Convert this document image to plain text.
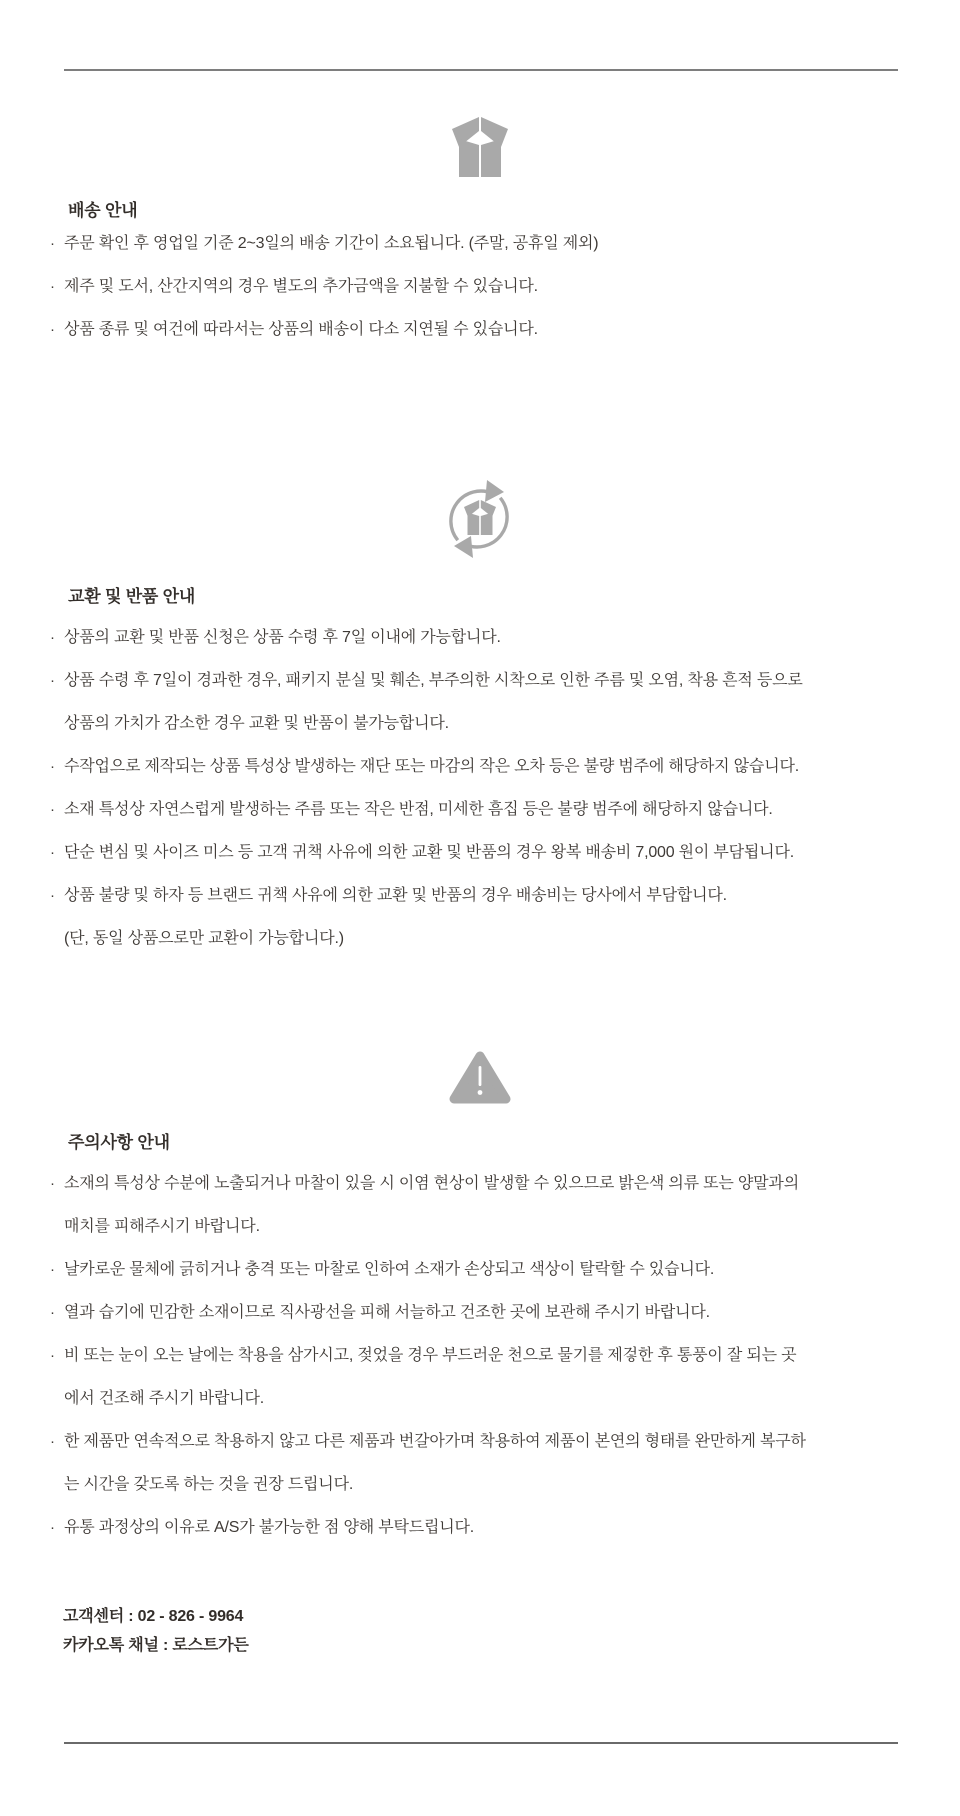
배송 안내
· 주문 확인 후 영업일 기준 2~3일의 배송 기간이 소요됩니다. (주말, 공휴일 제외)
· 제주 및 도서, 산간지역의 경우 별도의 추가금액을 지불할 수 있습니다.
· 상품 종류 및 여건에 따라서는 상품의 배송이 다소 지연될 수 있습니다.
교환 및 반품 안내
· 상품의 교환 및 반품 신청은 상품 수령 후 7일 이내에 가능합니다.
· 상품 수령 후 7일이 경과한 경우, 패키지 분실 및 훼손, 부주의한 시착으로 인한 주름 및 오염, 착용 흔적 등으로
상품의 가치가 감소한 경우 교환 및 반품이 불가능합니다.
· 수작업으로 제작되는 상품 특성상 발생하는 재단 또는 마감의 작은 오차 등은 불량 범주에 해당하지 않습니다.
· 소재 특성상 자연스럽게 발생하는 주름 또는 작은 반점, 미세한 흠집 등은 불량 범주에 해당하지 않습니다.
· 단순 변심 및 사이즈 미스 등 고객 귀책 사유에 의한 교환 및 반품의 경우 왕복 배송비 7,000 원이 부담됩니다.
· 상품 불량 및 하자 등 브랜드 귀책 사유에 의한 교환 및 반품의 경우 배송비는 당사에서 부담합니다.
(단, 동일 상품으로만 교환이 가능합니다.)
주의사항 안내
· 소재의 특성상 수분에 노출되거나 마찰이 있을 시 이염 현상이 발생할 수 있으므로 밝은색 의류 또는 양말과의
매치를 피해주시기 바랍니다.
· 날카로운 물체에 긁히거나 충격 또는 마찰로 인하여 소재가 손상되고 색상이 탈락할 수 있습니다.
· 열과 습기에 민감한 소재이므로 직사광선을 피해 서늘하고 건조한 곳에 보관해 주시기 바랍니다.
· 비 또는 눈이 오는 날에는 착용을 삼가시고, 젖었을 경우 부드러운 천으로 물기를 제겋한 후 통풍이 잘 되는 곳
에서 건조해 주시기 바랍니다.
· 한 제품만 연속적으로 착용하지 않고 다른 제품과 번갈아가며 착용하여 제품이 본연의 형태를 완만하게 복구하
는 시간을 갖도록 하는 것을 권장 드립니다.
· 유통 과정상의 이유로 A/S가 불가능한 점 양해 부탁드립니다.
고객센터 : 02 - 826 - 9964
카카오톡 채널 : 로스트가든
